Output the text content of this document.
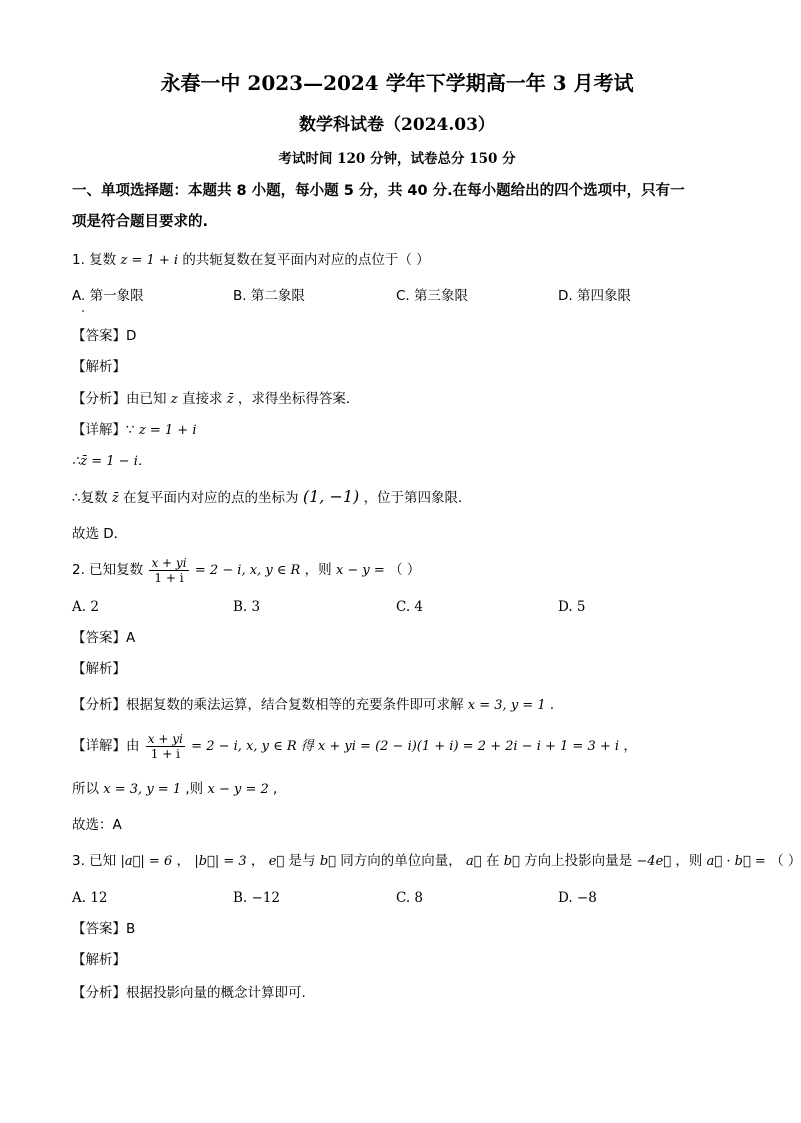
永春一中 2023—2024 学年下学期高一年 3 月考试
数学科试卷（2024.03）
考试时间 120 分钟，试卷总分 150 分
一、单项选择题：本题共 8 小题，每小题 5 分，共 40 分.在每小题给出的四个选项中，只有一
项是符合题目要求的.
1. 复数 z = 1 + i 的共轭复数在复平面内对应的点位于（ ）
A. 第一象限	B. 第二象限	C. 第三象限	D. 第四象限
【答案】D
【解析】
【分析】由已知 z 直接求 z̄ ，求得坐标得答案．
【详解】∵ z = 1 + i
∴z̄ = 1 − i．
∴复数 z̄ 在复平面内对应的点的坐标为 (1, −1) ，位于第四象限．
故选 D．
2. 已知复数 $\frac{x + yi}{1 + i} = 2 - i$, x, y ∈ R ，则 x − y = （ ）
A. 2	B. 3	C. 4	D. 5
【答案】A
【解析】
【分析】根据复数的乘法运算，结合复数相等的充要条件即可求解 x = 3, y = 1 ．
【详解】由 $\frac{x + yi}{1 + i} = 2 - i$, x, y ∈ R 得 x + yi = (2 − i)(1 + i) = 2 + 2i − i + 1 = 3 + i ，
所以 x = 3, y = 1 ,则 x − y = 2 ,
故选：A
3. 已知 |a⃗| = 6 ， |b⃗| = 3 ， e⃗ 是与 b⃗ 同方向的单位向量， a⃗ 在 b⃗ 方向上投影向量是 −4e⃗ ，则 a⃗ · b⃗ = （ ）
A. 12	B. −12	C. 8	D. −8
【答案】B
【解析】
【分析】根据投影向量的概念计算即可.
